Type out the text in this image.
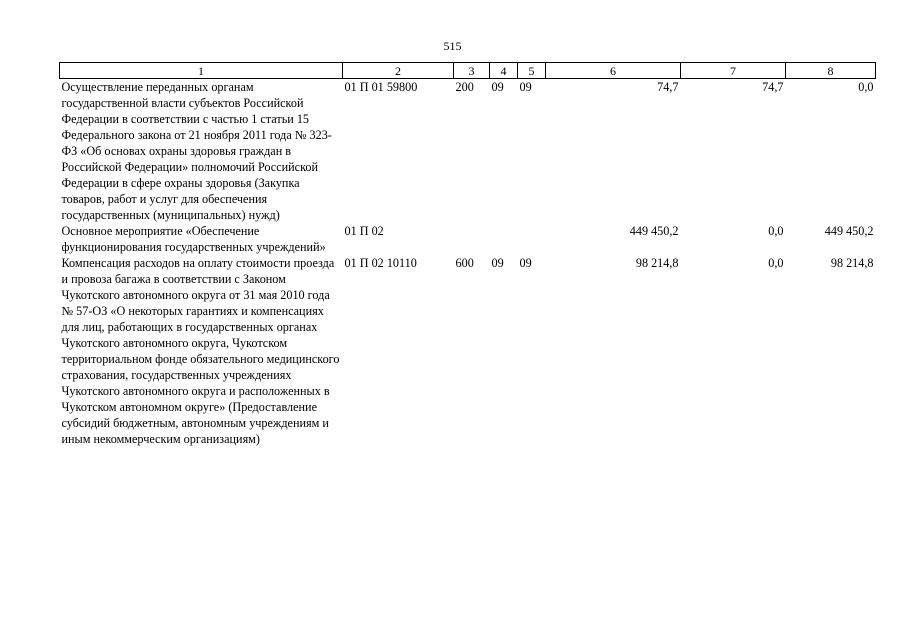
515
1	2	3	4	5	6	7	8
Осуществление переданных органам государственной власти субъектов Российской Федерации в соответствии с частью 1 статьи 15 Федерального закона от 21 ноября 2011 года № 323-ФЗ «Об основах охраны здоровья граждан в Российской Федерации» полномочий Российской Федерации в сфере охраны здоровья (Закупка товаров, работ и услуг для обеспечения государственных (муниципальных) нужд)	01 П 01 59800	200	09	09	74,7	74,7	0,0
Основное мероприятие «Обеспечение функционирования государственных учреждений»	01 П 02				449 450,2	0,0	449 450,2
Компенсация расходов на оплату стоимости проезда и провоза багажа в соответствии с Законом Чукотского автономного округа от 31 мая 2010 года № 57-ОЗ «О некоторых гарантиях и компенсациях для лиц, работающих в государственных органах Чукотского автономного округа, Чукотском территориальном фонде обязательного медицинского страхования, государственных учреждениях Чукотского автономного округа и расположенных в Чукотском автономном округе» (Предоставление субсидий бюджетным, автономным учреждениям и иным некоммерческим организациям)	01 П 02 10110	600	09	09	98 214,8	0,0	98 214,8
